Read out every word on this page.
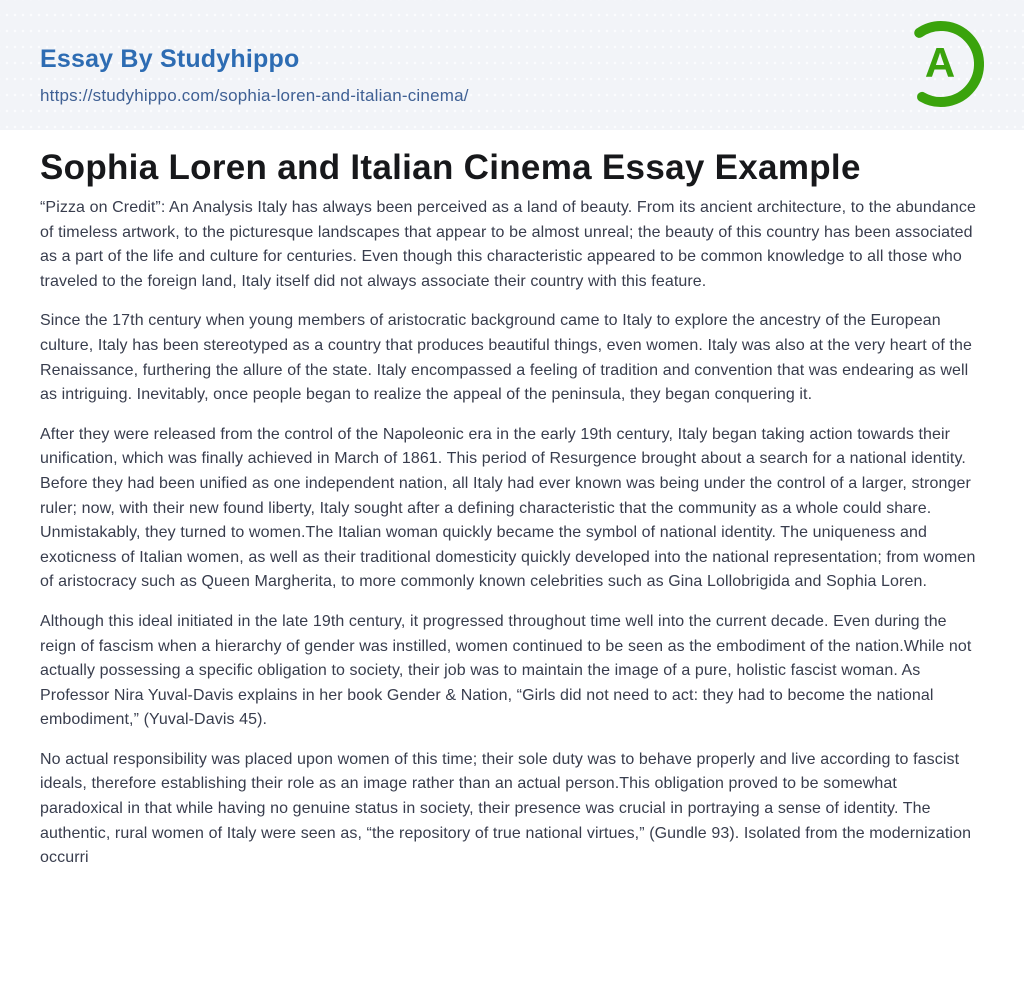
Essay By Studyhippo
https://studyhippo.com/sophia-loren-and-italian-cinema/
A
Sophia Loren and Italian Cinema Essay Example

“Pizza on Credit”: An Analysis Italy has always been perceived as a land of beauty. From its ancient architecture, to the abundance of timeless artwork, to the picturesque landscapes that appear to be almost unreal; the beauty of this country has been associated as a part of the life and culture for centuries. Even though this characteristic appeared to be common knowledge to all those who traveled to the foreign land, Italy itself did not always associate their country with this feature.

Since the 17th century when young members of aristocratic background came to Italy to explore the ancestry of the European culture, Italy has been stereotyped as a country that produces beautiful things, even women. Italy was also at the very heart of the Renaissance, furthering the allure of the state. Italy encompassed a feeling of tradition and convention that was endearing as well as intriguing. Inevitably, once people began to realize the appeal of the peninsula, they began conquering it.

After they were released from the control of the Napoleonic era in the early 19th century, Italy began taking action towards their unification, which was finally achieved in March of 1861. This period of Resurgence brought about a search for a national identity. Before they had been unified as one independent nation, all Italy had ever known was being under the control of a larger, stronger ruler; now, with their new found liberty, Italy sought after a defining characteristic that the community as a whole could share. Unmistakably, they turned to women.The Italian woman quickly became the symbol of national identity. The uniqueness and exoticness of Italian women, as well as their traditional domesticity quickly developed into the national representation; from women of aristocracy such as Queen Margherita, to more commonly known celebrities such as Gina Lollobrigida and Sophia Loren.

Although this ideal initiated in the late 19th century, it progressed throughout time well into the current decade. Even during the reign of fascism when a hierarchy of gender was instilled, women continued to be seen as the embodiment of the nation.While not actually possessing a specific obligation to society, their job was to maintain the image of a pure, holistic fascist woman. As Professor Nira Yuval-Davis explains in her book Gender & Nation, “Girls did not need to act: they had to become the national embodiment,” (Yuval-Davis 45).

No actual responsibility was placed upon women of this time; their sole duty was to behave properly and live according to fascist ideals, therefore establishing their role as an image rather than an actual person.This obligation proved to be somewhat paradoxical in that while having no genuine status in society, their presence was crucial in portraying a sense of identity. The authentic, rural women of Italy were seen as, “the repository of true national virtues,” (Gundle 93). Isolated from the modernization occurri
